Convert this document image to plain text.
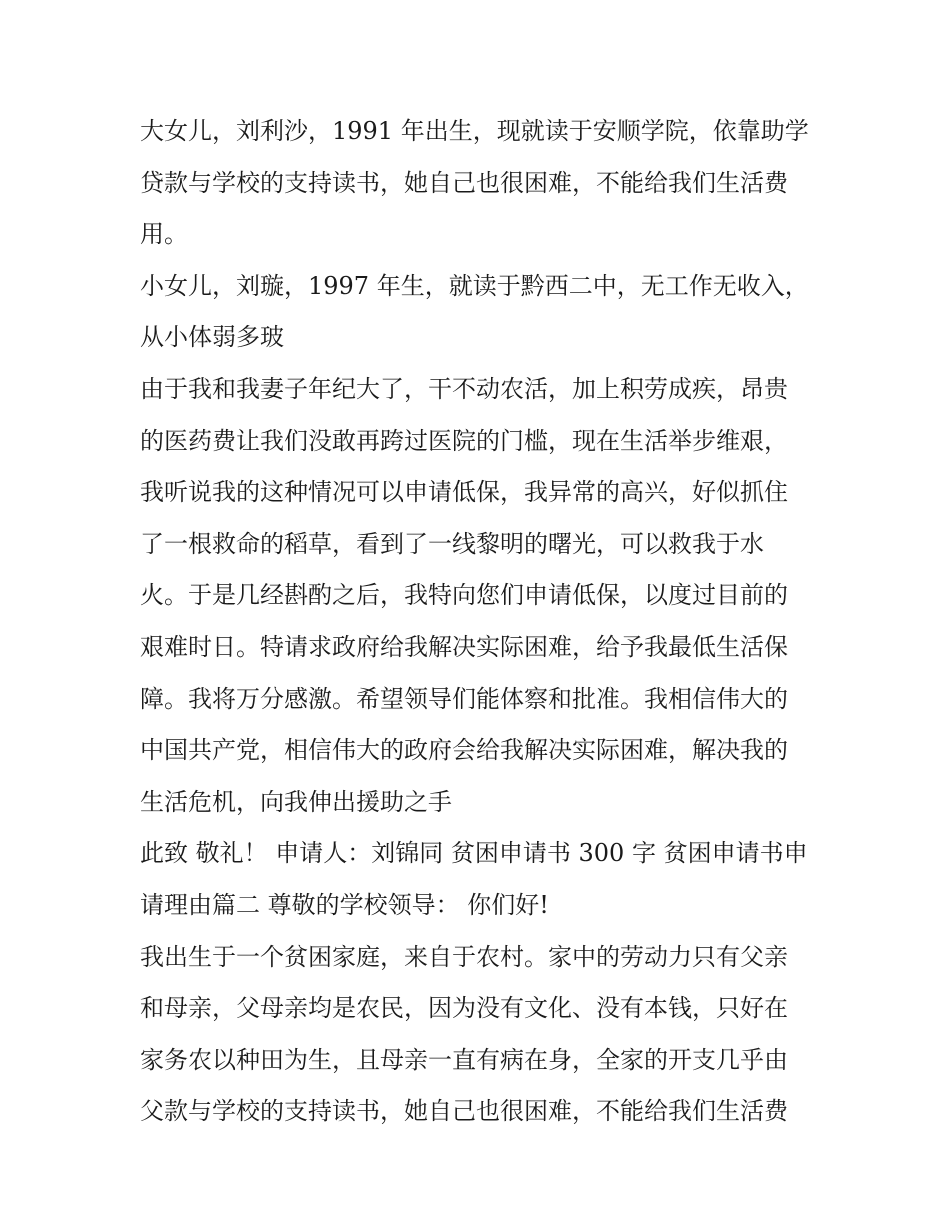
大女儿，刘利沙，1991 年出生，现就读于安顺学院，依靠助学
贷款与学校的支持读书，她自己也很困难，不能给我们生活费
用。
小女儿，刘璇，1997 年生，就读于黔西二中，无工作无收入，
从小体弱多玻
由于我和我妻子年纪大了，干不动农活，加上积劳成疾，昂贵
的医药费让我们没敢再跨过医院的门槛，现在生活举步维艰，
我听说我的这种情况可以申请低保，我异常的高兴，好似抓住
了一根救命的稻草，看到了一线黎明的曙光，可以救我于水
火。于是几经斟酌之后，我特向您们申请低保，以度过目前的
艰难时日。特请求政府给我解决实际困难，给予我最低生活保
障。我将万分感激。希望领导们能体察和批准。我相信伟大的
中国共产党，相信伟大的政府会给我解决实际困难，解决我的
生活危机，向我伸出援助之手
此致 敬礼！ 申请人：刘锦同 贫困申请书 300 字 贫困申请书申
请理由篇二 尊敬的学校领导： 你们好!
我出生于一个贫困家庭，来自于农村。家中的劳动力只有父亲
和母亲，父母亲均是农民，因为没有文化、没有本钱，只好在
家务农以种田为生，且母亲一直有病在身，全家的开支几乎由
父款与学校的支持读书，她自己也很困难，不能给我们生活费
